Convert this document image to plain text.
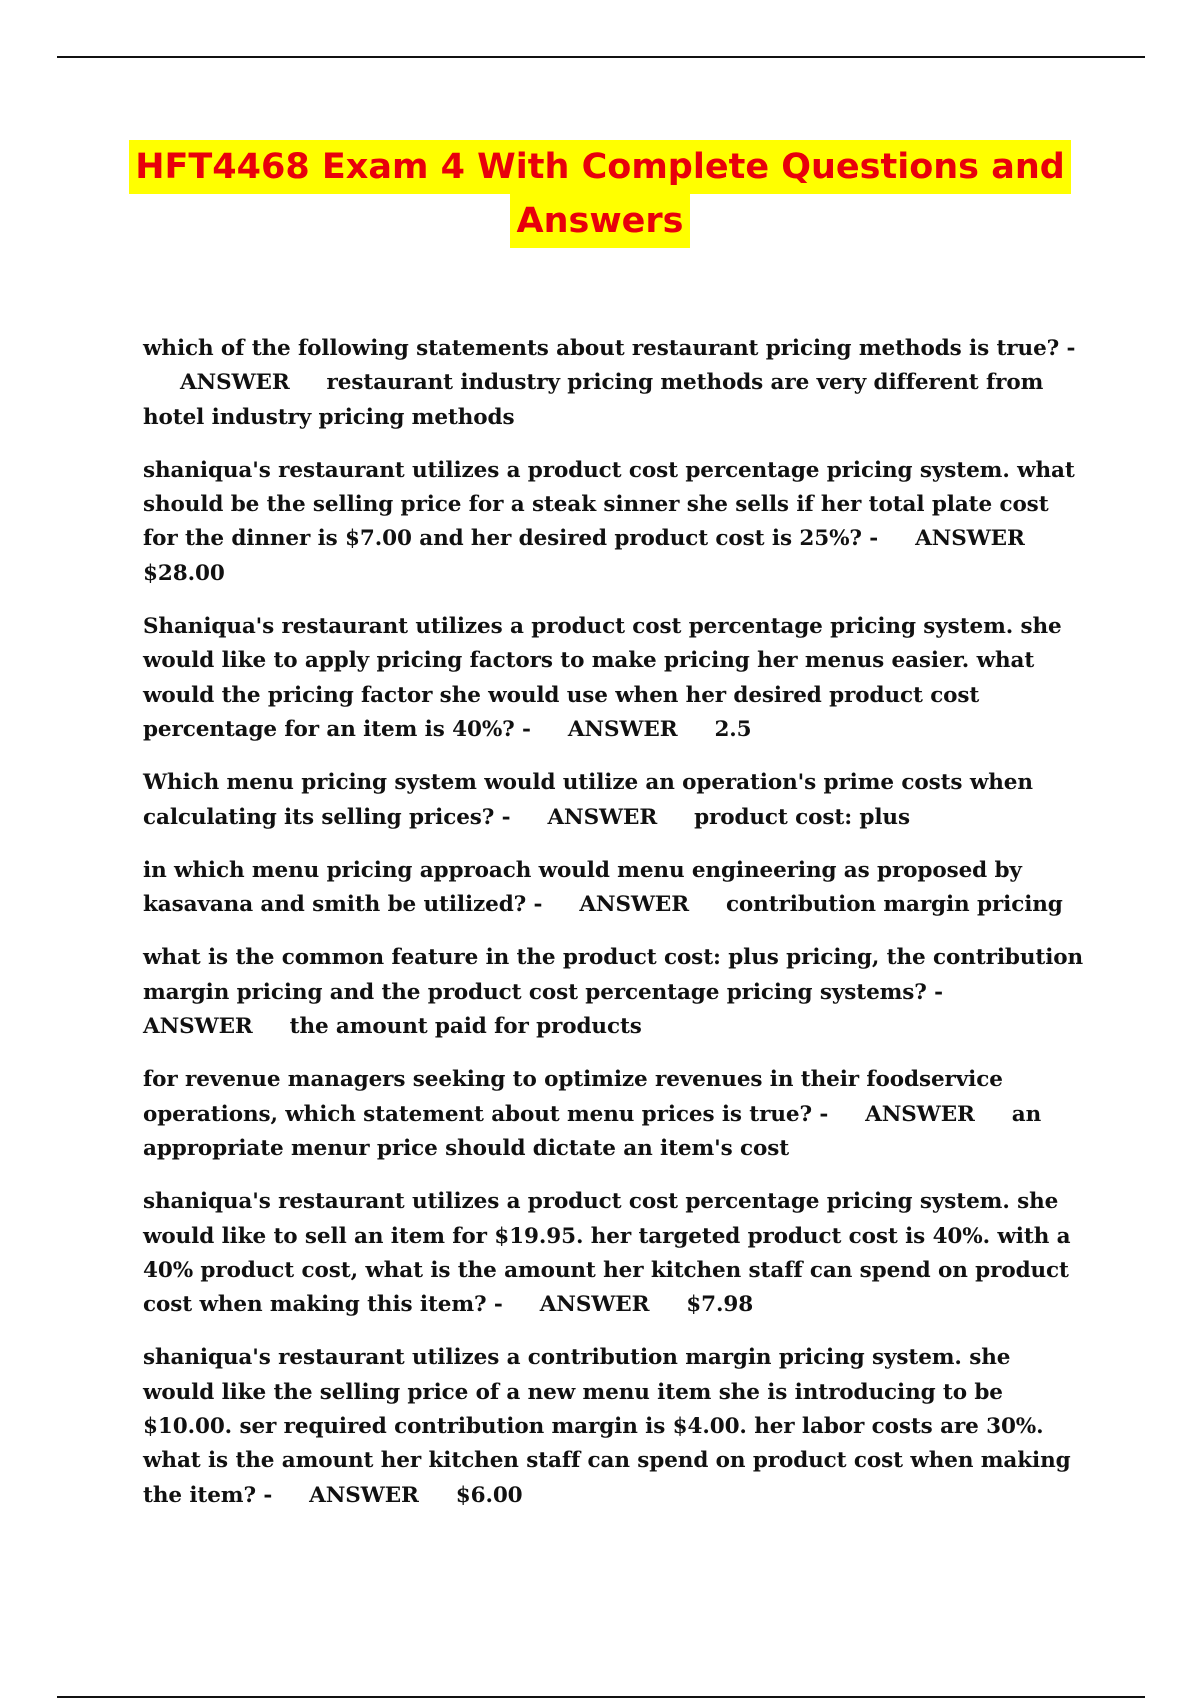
HFT4468 Exam 4 With Complete Questions and
Answers

which of the following statements about restaurant pricing methods is true? -     ANSWER restaurant industry pricing methods are very different from hotel industry pricing methods

shaniqua's restaurant utilizes a product cost percentage pricing system. what should be the selling price for a steak sinner she sells if her total plate cost for the dinner is $7.00 and her desired product cost is 25%? - ANSWER     $28.00

Shaniqua's restaurant utilizes a product cost percentage pricing system. she would like to apply pricing factors to make pricing her menus easier. what would the pricing factor she would use when her desired product cost percentage for an item is 40%? - ANSWER 2.5

Which menu pricing system would utilize an operation's prime costs when calculating its selling prices? - ANSWER product cost: plus

in which menu pricing approach would menu engineering as proposed by kasavana and smith be utilized? - ANSWER contribution margin pricing

what is the common feature in the product cost: plus pricing, the contribution margin pricing and the product cost percentage pricing systems? -     ANSWER the amount paid for products

for revenue managers seeking to optimize revenues in their foodservice operations, which statement about menu prices is true? - ANSWER an appropriate menur price should dictate an item's cost

shaniqua's restaurant utilizes a product cost percentage pricing system. she would like to sell an item for $19.95. her targeted product cost is 40%. with a 40% product cost, what is the amount her kitchen staff can spend on product cost when making this item? - ANSWER $7.98

shaniqua's restaurant utilizes a contribution margin pricing system. she would like the selling price of a new menu item she is introducing to be $10.00. ser required contribution margin is $4.00. her labor costs are 30%. what is the amount her kitchen staff can spend on product cost when making the item? - ANSWER $6.00
